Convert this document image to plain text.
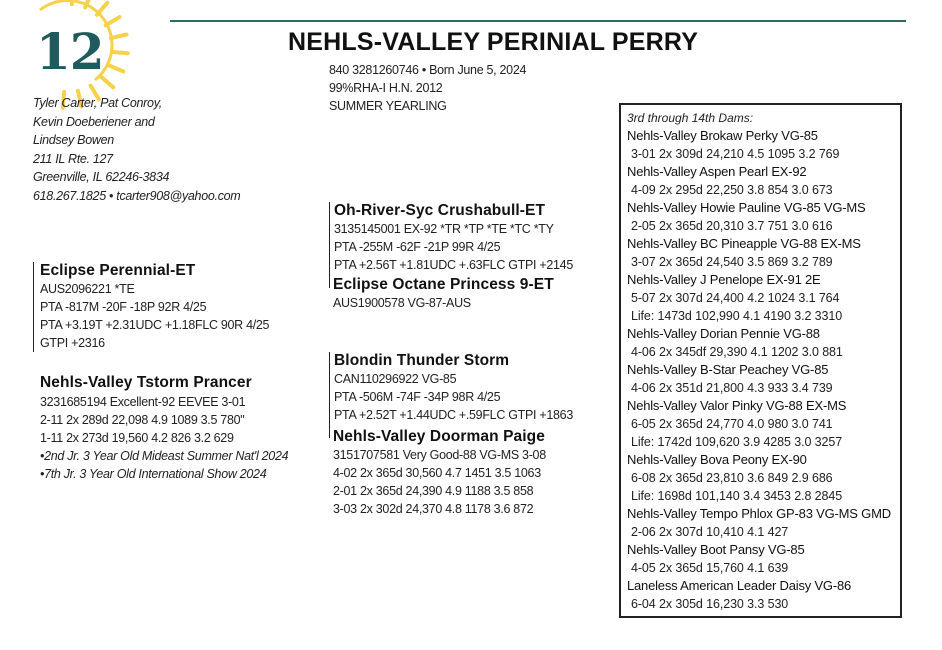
12	NEHLS-VALLEY PERINIAL PERRY
840 3281260746 • Born June 5, 2024
99%RHA-I H.N. 2012
SUMMER YEARLING
Tyler Carter, Pat Conroy,
Kevin Doeberiener and
Lindsey Bowen
211 IL Rte. 127
Greenville, IL 62246-3834
618.267.1825 • tcarter908@yahoo.com
Eclipse Perennial-ET
AUS2096221 *TE
PTA -817M -20F -18P 92R 4/25
PTA +3.19T +2.31UDC +1.18FLC 90R 4/25
GTPI +2316
Nehls-Valley Tstorm Prancer
3231685194 Excellent-92 EEVEE 3-01
2-11 2x 289d 22,098 4.9 1089 3.5 780"
1-11 2x 273d 19,560 4.2 826 3.2 629
•2nd Jr. 3 Year Old Mideast Summer Nat'l 2024
•7th Jr. 3 Year Old International Show 2024
Oh-River-Syc Crushabull-ET
3135145001 EX-92 *TR *TP *TE *TC *TY
PTA -255M -62F -21P 99R 4/25
PTA +2.56T +1.81UDC +.63FLC GTPI +2145
Eclipse Octane Princess 9-ET
AUS1900578 VG-87-AUS
Blondin Thunder Storm
CAN110296922 VG-85
PTA -506M -74F -34P 98R 4/25
PTA +2.52T +1.44UDC +.59FLC GTPI +1863
Nehls-Valley Doorman Paige
3151707581 Very Good-88 VG-MS 3-08
4-02 2x 365d 30,560 4.7 1451 3.5 1063
2-01 2x 365d 24,390 4.9 1188 3.5 858
3-03 2x 302d 24,370 4.8 1178 3.6 872
3rd through 14th Dams:
Nehls-Valley Brokaw Perky VG-85
3-01 2x 309d 24,210 4.5 1095 3.2 769
Nehls-Valley Aspen Pearl EX-92
4-09 2x 295d 22,250 3.8 854 3.0 673
Nehls-Valley Howie Pauline VG-85 VG-MS
2-05 2x 365d 20,310 3.7 751 3.0 616
Nehls-Valley BC Pineapple VG-88 EX-MS
3-07 2x 365d 24,540 3.5 869 3.2 789
Nehls-Valley J Penelope EX-91 2E
5-07 2x 307d 24,400 4.2 1024 3.1 764
Life: 1473d 102,990 4.1 4190 3.2 3310
Nehls-Valley Dorian Pennie VG-88
4-06 2x 345df 29,390 4.1 1202 3.0 881
Nehls-Valley B-Star Peachey VG-85
4-06 2x 351d 21,800 4.3 933 3.4 739
Nehls-Valley Valor Pinky VG-88 EX-MS
6-05 2x 365d 24,770 4.0 980 3.0 741
Life: 1742d 109,620 3.9 4285 3.0 3257
Nehls-Valley Bova Peony EX-90
6-08 2x 365d 23,810 3.6 849 2.9 686
Life: 1698d 101,140 3.4 3453 2.8 2845
Nehls-Valley Tempo Phlox GP-83 VG-MS GMD
2-06 2x 307d 10,410 4.1 427
Nehls-Valley Boot Pansy VG-85
4-05 2x 365d 15,760 4.1 639
Laneless American Leader Daisy VG-86
6-04 2x 305d 16,230 3.3 530
